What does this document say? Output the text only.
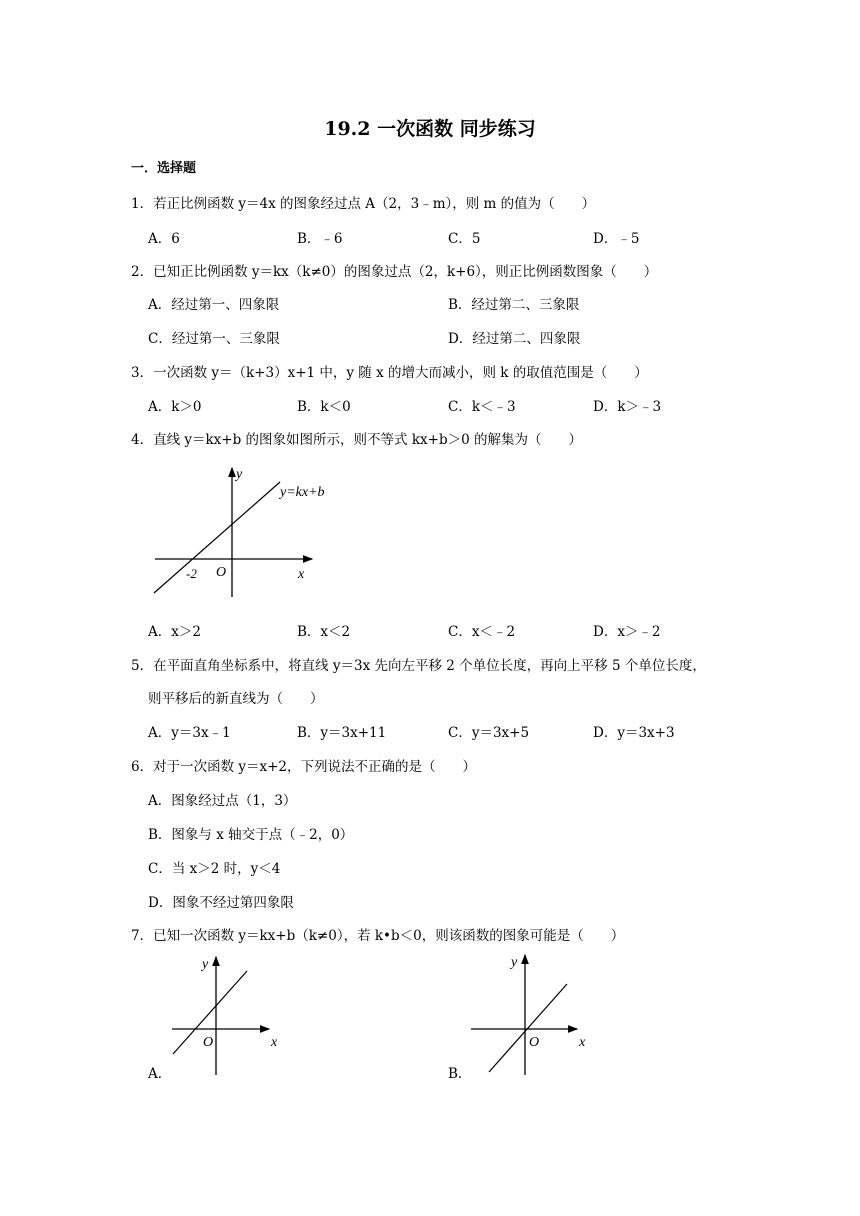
19.2 一次函数 同步练习
一．选择题
1．若正比例函数 y＝4x 的图象经过点 A（2，3﹣m），则 m 的值为（　　）
A．6	B．﹣6	C．5	D．﹣5
2．已知正比例函数 y＝kx（k≠0）的图象过点（2，k+6），则正比例函数图象（　　）
A．经过第一、四象限	B．经过第二、三象限
C．经过第一、三象限	D．经过第二、四象限
3．一次函数 y＝（k+3）x+1 中，y 随 x 的增大而减小，则 k 的取值范围是（　　）
A．k＞0	B．k＜0	C．k＜﹣3	D．k＞﹣3
4．直线 y＝kx+b 的图象如图所示，则不等式 kx+b＞0 的解集为（　　）
y=kx+b
y
x
O
-2
A．x＞2	B．x＜2	C．x＜﹣2	D．x＞﹣2
5．在平面直角坐标系中，将直线 y＝3x 先向左平移 2 个单位长度，再向上平移 5 个单位长度，
则平移后的新直线为（　　）
A．y＝3x﹣1	B．y＝3x+11	C．y＝3x+5	D．y＝3x+3
6．对于一次函数 y＝x+2，下列说法不正确的是（　　）
A．图象经过点（1，3）
B．图象与 x 轴交于点（﹣2，0）
C．当 x＞2 时，y＜4
D．图象不经过第四象限
7．已知一次函数 y＝kx+b（k≠0），若 k•b＜0，则该函数的图象可能是（　　）
y
x
O
A．
y
x
O
B．
